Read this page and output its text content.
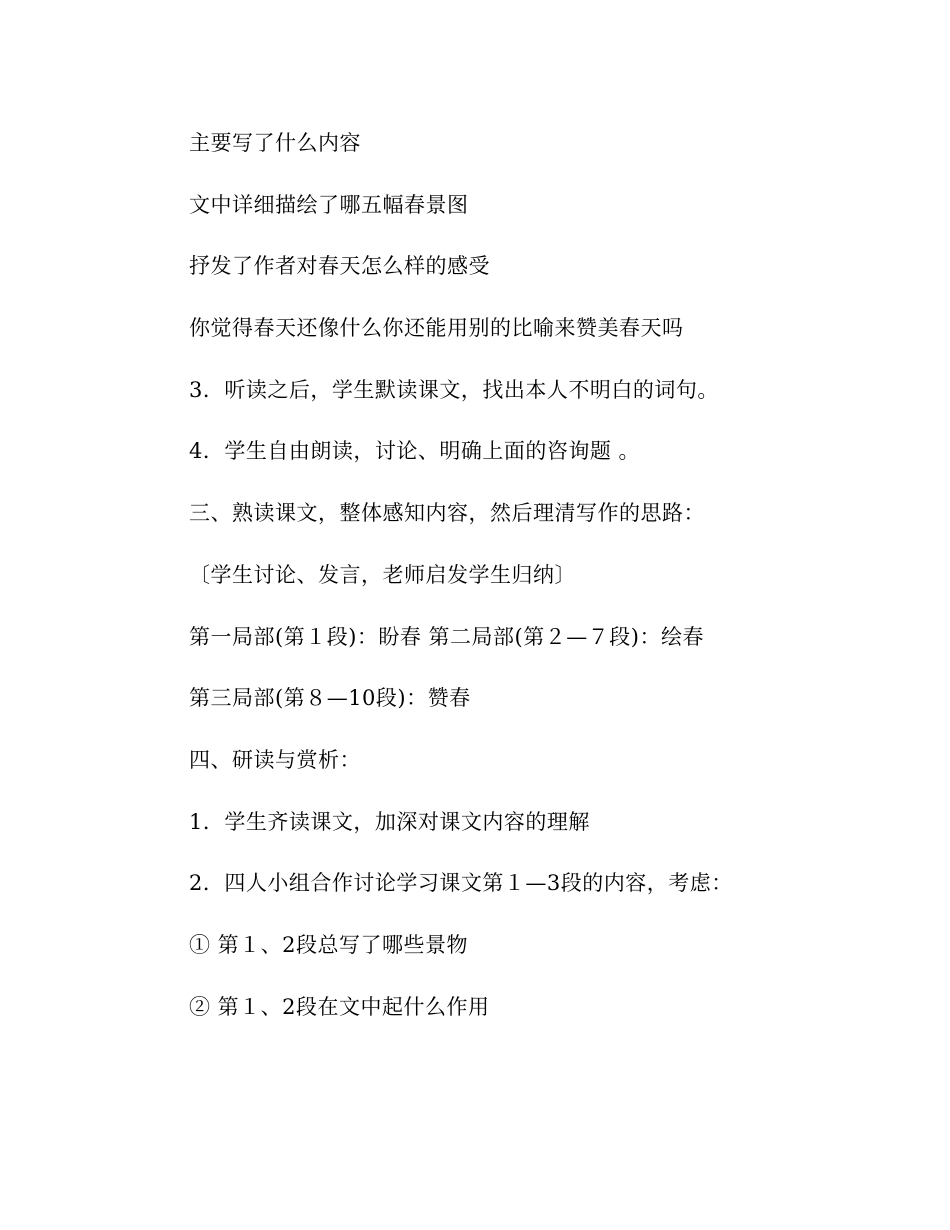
主要写了什么内容
文中详细描绘了哪五幅春景图
抒发了作者对春天怎么样的感受
你觉得春天还像什么你还能用别的比喻来赞美春天吗
3．听读之后，学生默读课文，找出本人不明白的词句。
4．学生自由朗读，讨论、明确上面的咨询题 。
三、熟读课文，整体感知内容，然后理清写作的思路：
〔学生讨论、发言，老师启发学生归纳〕
第一局部(第１段)：盼春 第二局部(第２—７段)：绘春
第三局部(第８—10段)：赞春
四、研读与赏析：
1．学生齐读课文，加深对课文内容的理解
2．四人小组合作讨论学习课文第１—3段的内容，考虑：
① 第１、2段总写了哪些景物
② 第１、2段在文中起什么作用
